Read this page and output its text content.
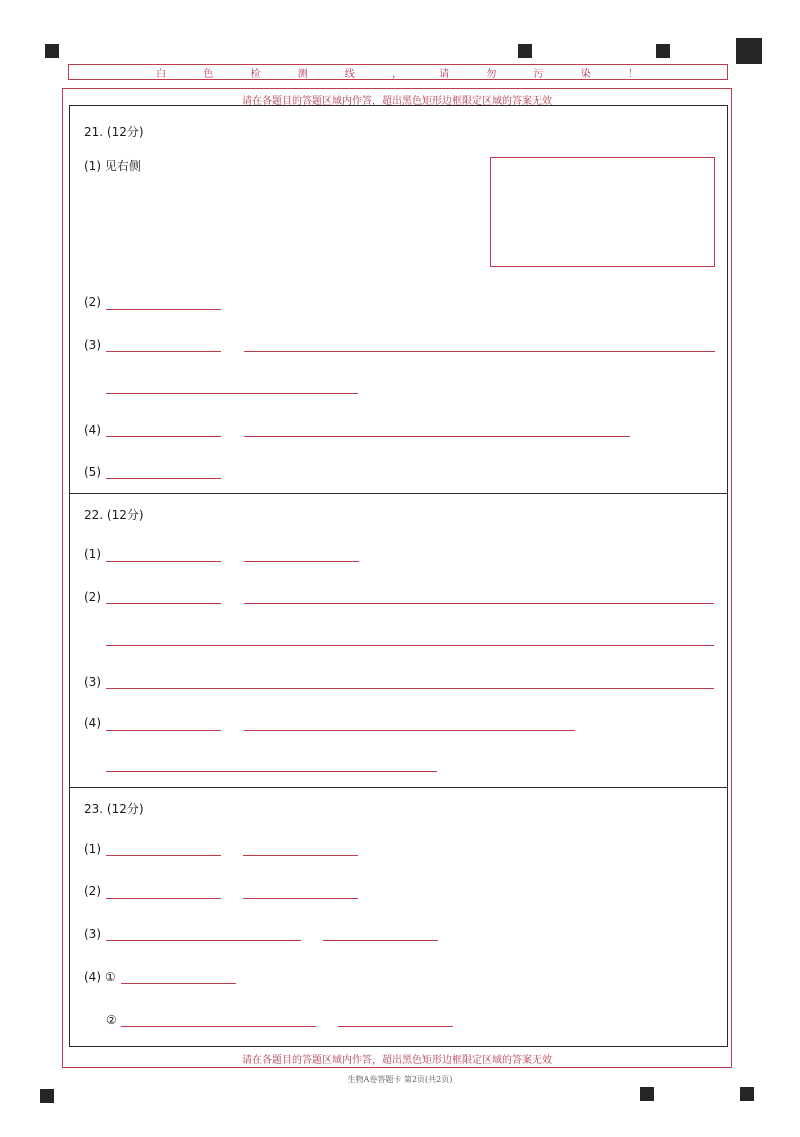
白 色 检 测 线 ， 请 勿 污 染 ！
请在各题目的答题区域内作答，超出黑色矩形边框限定区域的答案无效
请在各题目的答题区域内作答，超出黑色矩形边框限定区域的答案无效
21. (12分)
(1) 见右侧
(2)
(3)
(4)
(5)
22. (12分)
(1)
(2)
(3)
(4)
23. (12分)
(1)
(2)
(3)
(4) ①
②
生物A卷答题卡 第2页(共2页)
